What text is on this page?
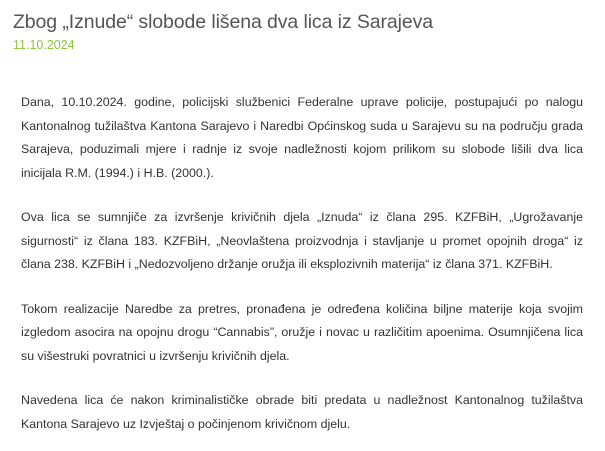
Zbog „Iznude“ slobode lišena dva lica iz Sarajeva
11.10.2024

Dana, 10.10.2024. godine, policijski službenici Federalne uprave policije, postupajući po nalogu Kantonalnog tužilaštva Kantona Sarajevo i Naredbi Općinskog suda u Sarajevu su na području grada Sarajeva, poduzimali mjere i radnje iz svoje nadležnosti kojom prilikom su slobode lišili dva lica inicijala R.M. (1994.) i H.B. (2000.).

Ova lica se sumnjiče za izvršenje krivičnih djela „Iznuda“ iz člana 295. KZFBiH, „Ugrožavanje sigurnosti“ iz člana 183. KZFBiH, „Neovlaštena proizvodnja i stavljanje u promet opojnih droga“ iz člana 238. KZFBiH i „Nedozvoljeno držanje oružja ili eksplozivnih materija“ iz člana 371. KZFBiH.

Tokom realizacije Naredbe za pretres, pronađena je određena količina biljne materije koja svojim izgledom asocira na opojnu drogu “Cannabis”, oružje i novac u različitim apoenima. Osumnjičena lica su višestruki povratnici u izvršenju krivičnih djela.

Navedena lica će nakon kriminalističke obrade biti predata u nadležnost Kantonalnog tužilaštva Kantona Sarajevo uz Izvještaj o počinjenom krivičnom djelu.
